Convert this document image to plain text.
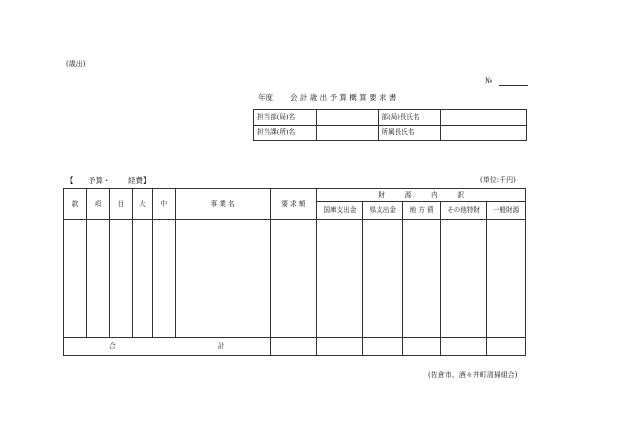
(歳出)
№
年度 会 計 歳 出 予 算 概 算 要 求 書
担当部(局)名		部(局)長氏名	
担当課(所)名		所属長氏名	
【 予算・ 経費】	(単位:千円)
款	項	目	大	中	事 業 名	要 求 額	財　　　源　　　内　　　訳				
							国庫支出金	県支出金	地 方 債	その他特財	一般財源

合 計											
(佐倉市、酒々井町清掃組合)
